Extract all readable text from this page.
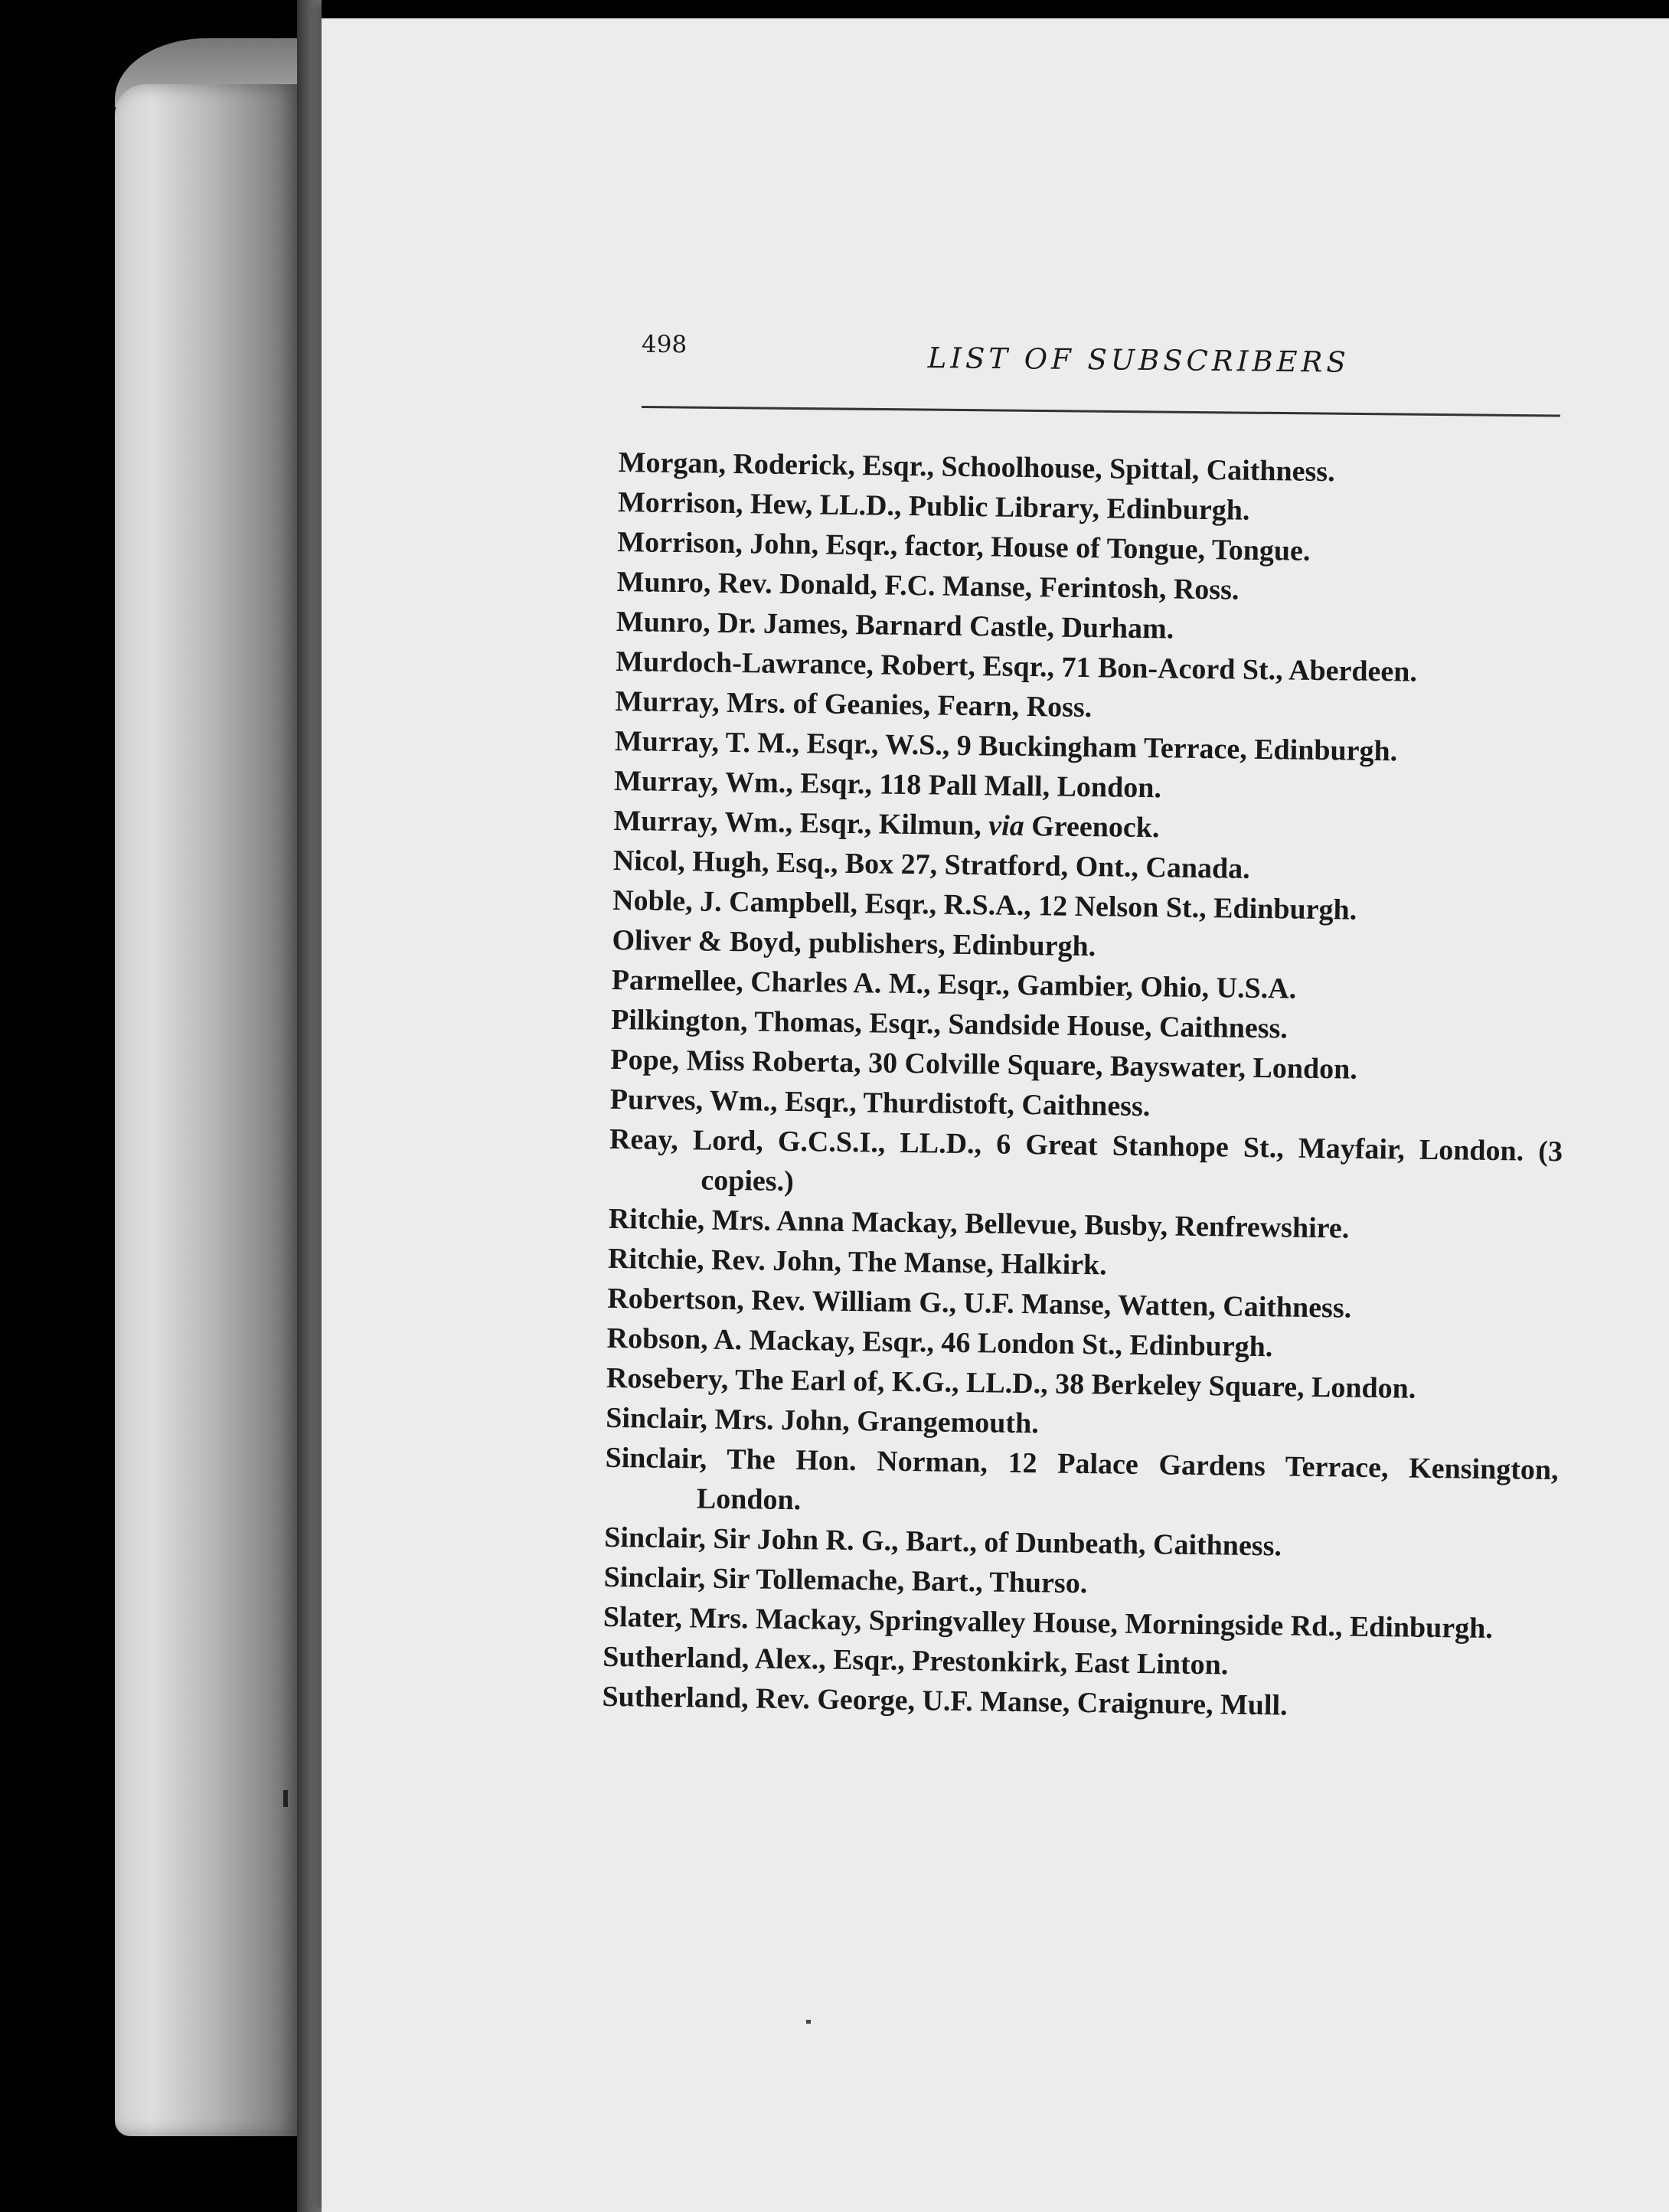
498	LIST OF SUBSCRIBERS
Morgan, Roderick, Esqr., Schoolhouse, Spittal, Caithness.
Morrison, Hew, LL.D., Public Library, Edinburgh.
Morrison, John, Esqr., factor, House of Tongue, Tongue.
Munro, Rev. Donald, F.C. Manse, Ferintosh, Ross.
Munro, Dr. James, Barnard Castle, Durham.
Murdoch-Lawrance, Robert, Esqr., 71 Bon-Acord St., Aberdeen.
Murray, Mrs. of Geanies, Fearn, Ross.
Murray, T. M., Esqr., W.S., 9 Buckingham Terrace, Edinburgh.
Murray, Wm., Esqr., 118 Pall Mall, London.
Murray, Wm., Esqr., Kilmun, via Greenock.
Nicol, Hugh, Esq., Box 27, Stratford, Ont., Canada.
Noble, J. Campbell, Esqr., R.S.A., 12 Nelson St., Edinburgh.
Oliver & Boyd, publishers, Edinburgh.
Parmellee, Charles A. M., Esqr., Gambier, Ohio, U.S.A.
Pilkington, Thomas, Esqr., Sandside House, Caithness.
Pope, Miss Roberta, 30 Colville Square, Bayswater, London.
Purves, Wm., Esqr., Thurdistoft, Caithness.
Reay, Lord, G.C.S.I., LL.D., 6 Great Stanhope St., Mayfair, London. (3 copies.)
Ritchie, Mrs. Anna Mackay, Bellevue, Busby, Renfrewshire.
Ritchie, Rev. John, The Manse, Halkirk.
Robertson, Rev. William G., U.F. Manse, Watten, Caithness.
Robson, A. Mackay, Esqr., 46 London St., Edinburgh.
Rosebery, The Earl of, K.G., LL.D., 38 Berkeley Square, London.
Sinclair, Mrs. John, Grangemouth.
Sinclair, The Hon. Norman, 12 Palace Gardens Terrace, Kensington, London.
Sinclair, Sir John R. G., Bart., of Dunbeath, Caithness.
Sinclair, Sir Tollemache, Bart., Thurso.
Slater, Mrs. Mackay, Springvalley House, Morningside Rd., Edinburgh.
Sutherland, Alex., Esqr., Prestonkirk, East Linton.
Sutherland, Rev. George, U.F. Manse, Craignure, Mull.
